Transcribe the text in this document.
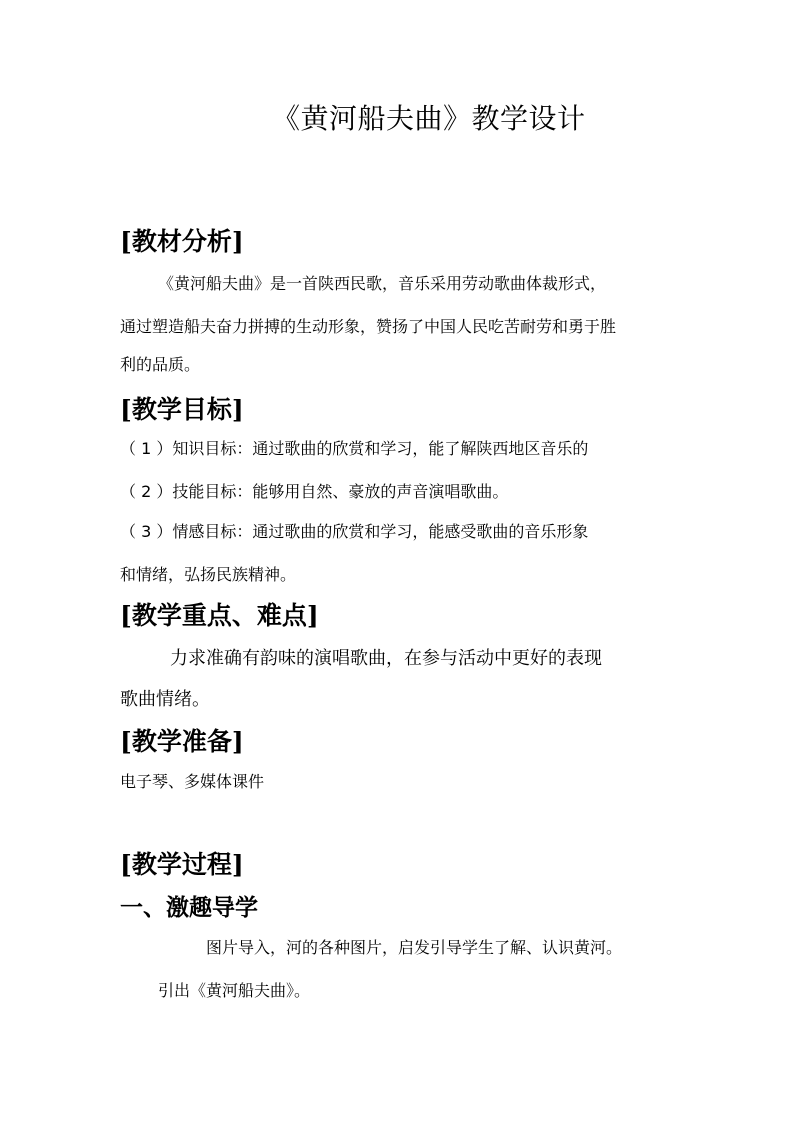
《黄河船夫曲》教学设计
[教材分析]
《黄河船夫曲》是一首陕西民歌，音乐采用劳动歌曲体裁形式，
通过塑造船夫奋力拼搏的生动形象，赞扬了中国人民吃苦耐劳和勇于胜
利的品质。
[教学目标]
（ 1 ）知识目标：通过歌曲的欣赏和学习，能了解陕西地区音乐的
（ 2 ）技能目标：能够用自然、豪放的声音演唱歌曲。
（ 3 ）情感目标：通过歌曲的欣赏和学习，能感受歌曲的音乐形象
和情绪，弘扬民族精神。
[教学重点、难点]
力求准确有韵味的演唱歌曲，在参与活动中更好的表现
歌曲情绪。
[教学准备]
电子琴、多媒体课件
[教学过程]
一、激趣导学
图片导入，河的各种图片，启发引导学生了解、认识黄河。
引出《黄河船夫曲》。
